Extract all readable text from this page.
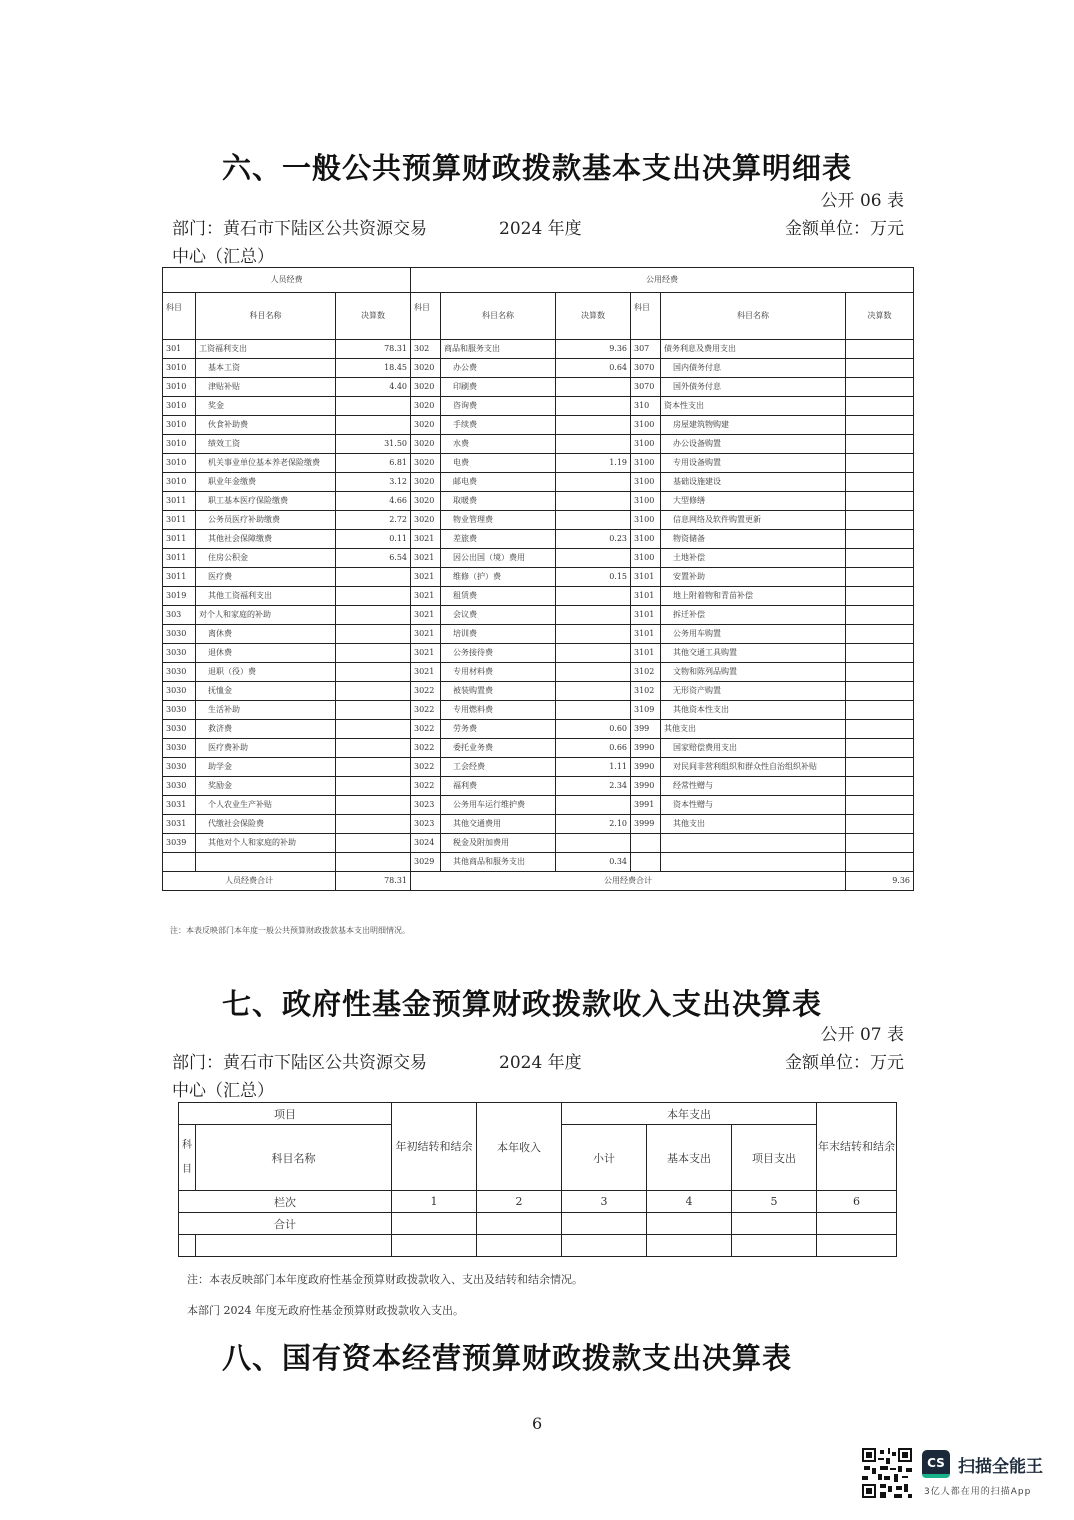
六、一般公共预算财政拨款基本支出决算明细表
公开 06 表
部门：黄石市下陆区公共资源交易	2024 年度	金额单位：万元
中心（汇总）
人员经费			公用经费					
科目	科目名称	决算数	科目	科目名称	决算数	科目	科目名称	决算数
301	工资福利支出	78.31	302	商品和服务支出	9.36	307	债务利息及费用支出	
3010	基本工资	18.45	3020	办公费	0.64	3070	国内债务付息	
3010	津贴补贴	4.40	3020	印刷费		3070	国外债务付息	
3010	奖金		3020	咨询费		310	资本性支出	
3010	伙食补助费		3020	手续费		3100	房屋建筑物购建	
3010	绩效工资	31.50	3020	水费		3100	办公设备购置	
3010	机关事业单位基本养老保险缴费	6.81	3020	电费	1.19	3100	专用设备购置	
3010	职业年金缴费	3.12	3020	邮电费		3100	基础设施建设	
3011	职工基本医疗保险缴费	4.66	3020	取暖费		3100	大型修缮	
3011	公务员医疗补助缴费	2.72	3020	物业管理费		3100	信息网络及软件购置更新	
3011	其他社会保障缴费	0.11	3021	差旅费	0.23	3100	物资储备	
3011	住房公积金	6.54	3021	因公出国（境）费用		3100	土地补偿	
3011	医疗费		3021	维修（护）费	0.15	3101	安置补助	
3019	其他工资福利支出		3021	租赁费		3101	地上附着物和青苗补偿	
303	对个人和家庭的补助		3021	会议费		3101	拆迁补偿	
3030	离休费		3021	培训费		3101	公务用车购置	
3030	退休费		3021	公务接待费		3101	其他交通工具购置	
3030	退职（役）费		3021	专用材料费		3102	文物和陈列品购置	
3030	抚恤金		3022	被装购置费		3102	无形资产购置	
3030	生活补助		3022	专用燃料费		3109	其他资本性支出	
3030	救济费		3022	劳务费	0.60	399	其他支出	
3030	医疗费补助		3022	委托业务费	0.66	3990	国家赔偿费用支出	
3030	助学金		3022	工会经费	1.11	3990	对民间非营利组织和群众性自治组织补贴	
3030	奖励金		3022	福利费	2.34	3990	经常性赠与	
3031	个人农业生产补贴		3023	公务用车运行维护费		3991	资本性赠与	
3031	代缴社会保险费		3023	其他交通费用	2.10	3999	其他支出	
3039	其他对个人和家庭的补助		3024	税金及附加费用				
			3029	其他商品和服务支出	0.34			
人员经费合计		78.31	公用经费合计					9.36
注：本表反映部门本年度一般公共预算财政拨款基本支出明细情况。
七、政府性基金预算财政拨款收入支出决算表
公开 07 表
部门：黄石市下陆区公共资源交易	2024 年度	金额单位：万元
中心（汇总）
项目		年初结转和结余	本年收入	本年支出			年末结转和结余
科目	科目名称			小计	基本支出	项目支出	
栏次		1	2	3	4	5	6
合计							

注：本表反映部门本年度政府性基金预算财政拨款收入、支出及结转和结余情况。
本部门 2024 年度无政府性基金预算财政拨款收入支出。
八、国有资本经营预算财政拨款支出决算表
6
CS 扫描全能王
3亿人都在用的扫描App
